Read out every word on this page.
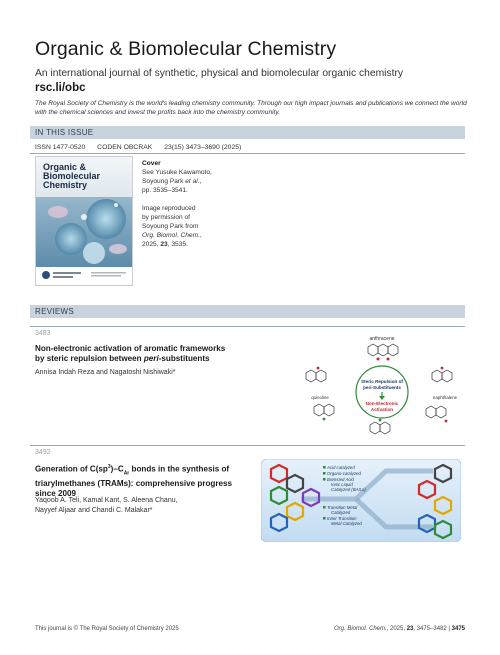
Organic & Biomolecular Chemistry
An international journal of synthetic, physical and biomolecular organic chemistry
rsc.li/obc
The Royal Society of Chemistry is the world's leading chemistry community. Through our high impact journals and publications we connect the world with the chemical sciences and invest the profits back into the chemistry community.
IN THIS ISSUE
ISSN 1477-0520 CODEN OBCRAK 23(15) 3473–3690 (2025)
Organic &
Biomolecular
Chemistry
Cover
See Yusuke Kawamoto,
Soyoung Park et al.,
pp. 3535–3541.
Image reproduced
by permission of
Soyoung Park from
Org. Biomol. Chem.,
2025, 23, 3535.
REVIEWS
3483
Non-electronic activation of aromatic frameworks
by steric repulsion between peri-substituents
Annisa Indah Reza and Nagatoshi Nishiwaki*
anthracene
Steric Repulsion of
peri-Substituents
Non-Electronic
Activation
quinoline	naphthalene
3492
Generation of $C(sp^3)-C_{Ar}$ bonds in the synthesis of
triarylmethanes (TRAMs): comprehensive progress
since 2009
Yaqoob A. Teli, Kamal Kant, S. Aleena Chanu,
Nayyef Aljaar and Chandi C. Malakar*
Acid catalyzed
Organo-catalyzed
Brønsted Acid
Ionic Liquid
Catalyzed (BAILs)
Transition Metal
Catalyzed
Inner Transition
Metal Catalyzed
This journal is © The Royal Society of Chemistry 2025	Org. Biomol. Chem., 2025, 23, 3475–3482 | 3475
